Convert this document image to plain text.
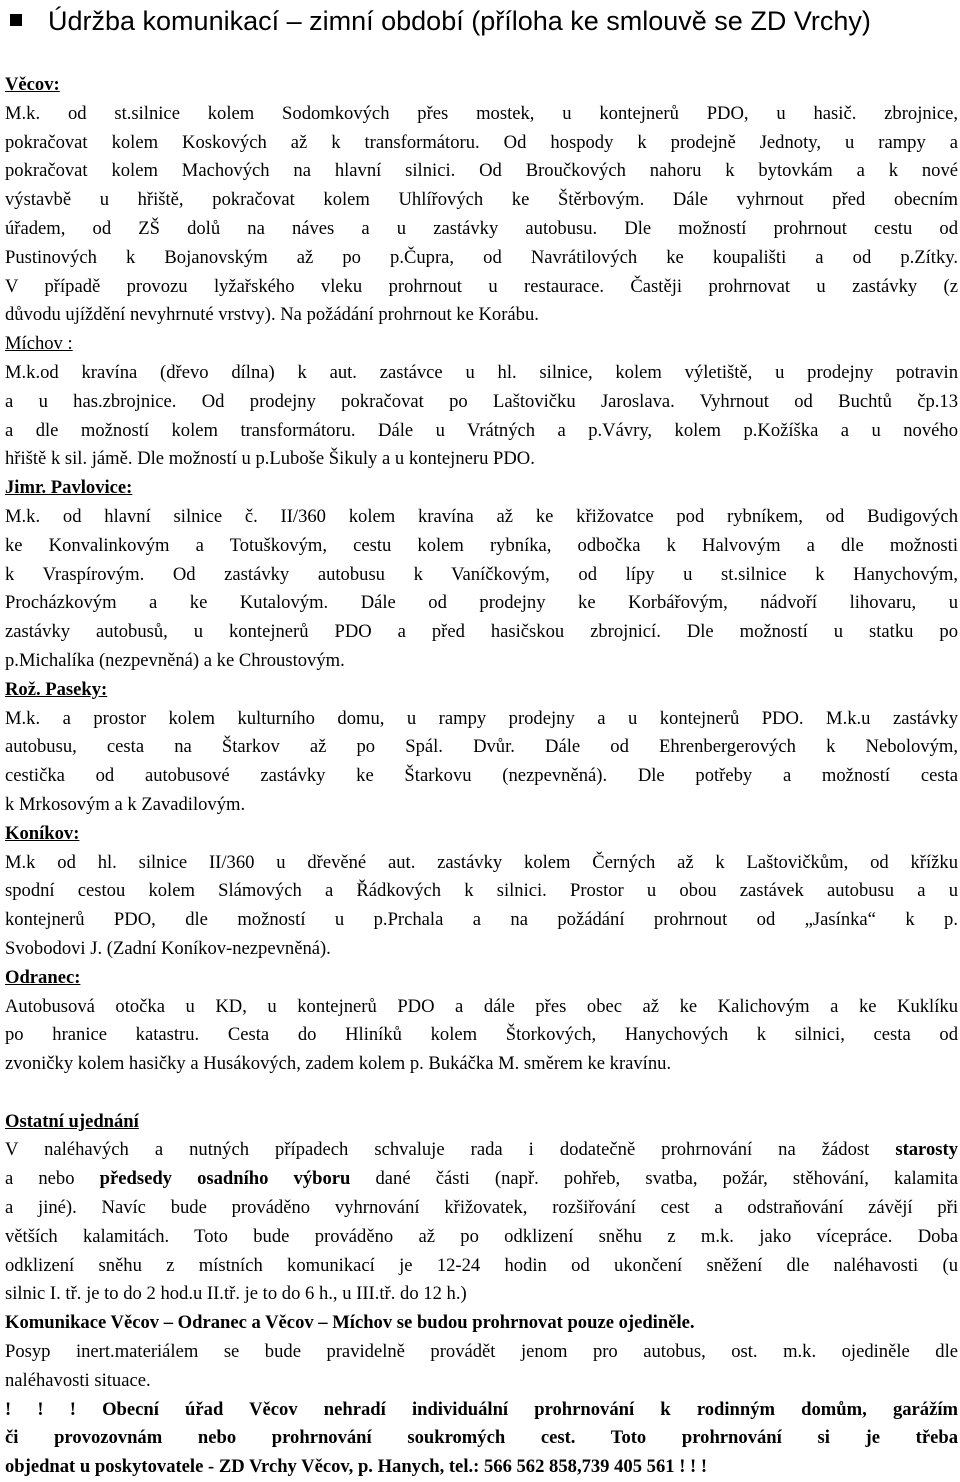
Údržba komunikací – zimní období (příloha ke smlouvě se ZD Vrchy)
Věcov:
M.k. od st.silnice kolem Sodomkových přes mostek, u kontejnerů PDO, u hasič. zbrojnice,
pokračovat kolem Koskových až k transformátoru. Od hospody k prodejně Jednoty, u rampy a
pokračovat kolem Machových na hlavní silnici. Od Broučkových nahoru k bytovkám a k nové
výstavbě u hřiště, pokračovat kolem Uhlířových ke Štěrbovým. Dále vyhrnout před obecním
úřadem, od ZŠ dolů na náves a u zastávky autobusu. Dle možností prohrnout cestu od
Pustinových k Bojanovským až po p.Čupra, od Navrátilových ke koupališti a od p.Zítky.
V případě provozu lyžařského vleku prohrnout u restaurace. Častěji prohrnovat u zastávky (z
důvodu ujíždění nevyhrnuté vrstvy). Na požádání prohrnout ke Korábu.
Míchov :
M.k.od kravína (dřevo dílna) k aut. zastávce u hl. silnice, kolem výletiště, u prodejny potravin
a u has.zbrojnice. Od prodejny pokračovat po Laštovičku Jaroslava. Vyhrnout od Buchtů čp.13
a dle možností kolem transformátoru. Dále u Vrátných a p.Vávry, kolem p.Kožíška a u nového
hřiště k sil. jámě. Dle možností u p.Luboše Šikuly a u kontejneru PDO.
Jimr. Pavlovice:
M.k. od hlavní silnice č. II/360 kolem kravína až ke křižovatce pod rybníkem, od Budigových
ke Konvalinkovým a Totuškovým, cestu kolem rybníka, odbočka k Halvovým a dle možnosti
k Vraspírovým. Od zastávky autobusu k Vaníčkovým, od lípy u st.silnice k Hanychovým,
Procházkovým a ke Kutalovým. Dále od prodejny ke Korbářovým, nádvoří lihovaru, u
zastávky autobusů, u kontejnerů PDO a před hasičskou zbrojnicí. Dle možností u statku po
p.Michalíka (nezpevněná) a ke Chroustovým.
Rož. Paseky:
M.k. a prostor kolem kulturního domu, u rampy prodejny a u kontejnerů PDO. M.k.u zastávky
autobusu, cesta na Štarkov až po Spál. Dvůr. Dále od Ehrenbergerových k Nebolovým,
cestička od autobusové zastávky ke Štarkovu (nezpevněná). Dle potřeby a možností cesta
k Mrkosovým a k Zavadilovým.
Koníkov:
M.k od hl. silnice II/360 u dřevěné aut. zastávky kolem Černých až k Laštovičkům, od křížku
spodní cestou kolem Slámových a Řádkových k silnici. Prostor u obou zastávek autobusu a u
kontejnerů PDO, dle možností u p.Prchala a na požádání prohrnout od „Jasínka“ k p.
Svobodovi J. (Zadní Koníkov-nezpevněná).
Odranec:
Autobusová otočka u KD, u kontejnerů PDO a dále přes obec až ke Kalichovým a ke Kuklíku
po hranice katastru. Cesta do Hliníků kolem Štorkových, Hanychových k silnici, cesta od
zvoničky kolem hasičky a Husákových, zadem kolem p. Bukáčka M. směrem ke kravínu.
Ostatní ujednání
V naléhavých a nutných případech schvaluje rada i dodatečně prohrnování na žádost starosty
a nebo předsedy osadního výboru dané části (např. pohřeb, svatba, požár, stěhování, kalamita
a jiné). Navíc bude prováděno vyhrnování křižovatek, rozšiřování cest a odstraňování závějí při
větších kalamitách. Toto bude prováděno až po odklizení sněhu z m.k. jako vícepráce. Doba
odklizení sněhu z místních komunikací je 12-24 hodin od ukončení sněžení dle naléhavosti (u
silnic I. tř. je to do 2 hod.u II.tř. je to do 6 h., u III.tř. do 12 h.)
Komunikace Věcov – Odranec a Věcov – Míchov se budou prohrnovat pouze ojediněle.
Posyp inert.materiálem se bude pravidelně provádět jenom pro autobus, ost. m.k. ojediněle dle
naléhavosti situace.
! ! ! Obecní úřad Věcov nehradí individuální prohrnování k rodinným domům, garážím
či provozovnám nebo prohrnování soukromých cest. Toto prohrnování si je třeba
objednat u poskytovatele - ZD Vrchy Věcov, p. Hanych, tel.: 566 562 858,739 405 561 ! ! !
